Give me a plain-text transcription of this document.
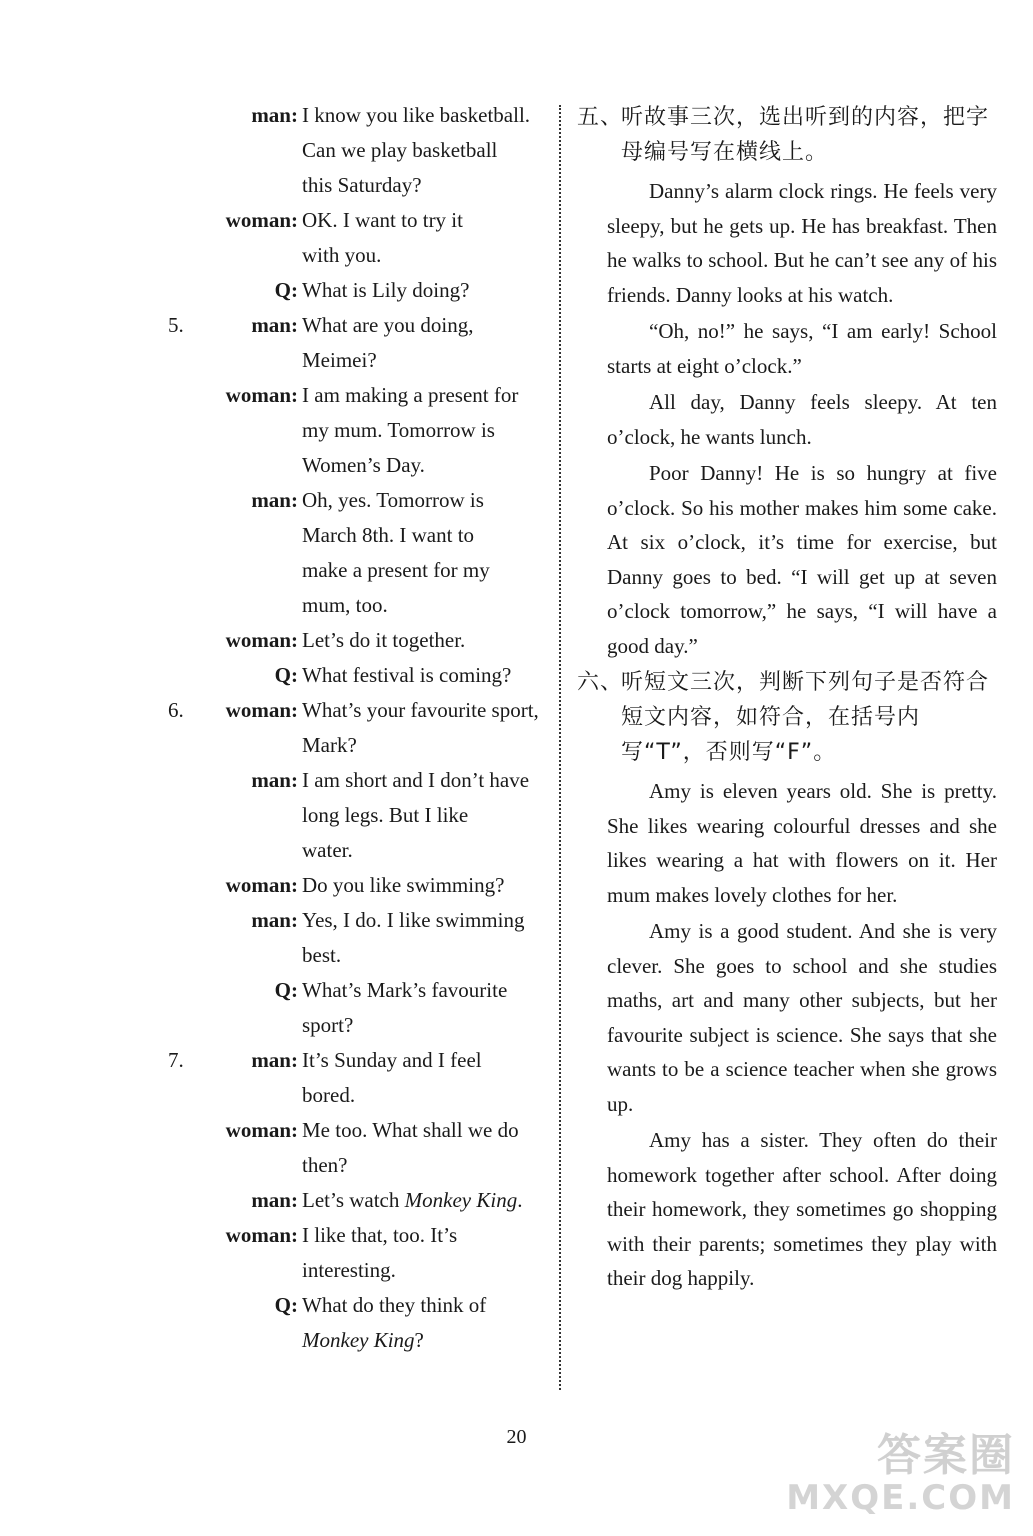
man : I know you like basketball.
Can we play basketball
this Saturday?
woman : OK. I want to try it
with you.
Q : What is Lily doing?
5.	man : What are you doing,
Meimei?
woman : I am making a present for
my mum. Tomorrow is
Women’s Day.
man : Oh, yes. Tomorrow is
March 8th. I want to
make a present for my
mum, too.
woman : Let’s do it together.
Q : What festival is coming?
6. woman : What’s your favourite sport,
Mark?
man : I am short and I don’t have
long legs. But I like
water.
woman : Do you like swimming?
man : Yes, I do. I like swimming
best.
Q : What’s Mark’s favourite
sport?
7.	man : It’s Sunday and I feel
bored.
woman : Me too. What shall we do
then?
man : Let’s watch Monkey King.
woman : I like that, too. It’s
interesting.
Q : What do they think of
Monkey King?
五、
听故事三次，选出听到的内容，把字母编号写在横线上。

Danny’s alarm clock rings. He feels very sleepy, but he gets up. He has breakfast. Then he walks to school. But he can’t see any of his friends. Danny looks at his watch.

“Oh, no!” he says, “I am early! School starts at eight o’clock.”

All day, Danny feels sleepy. At ten o’clock, he wants lunch.

Poor Danny! He is so hungry at five o’clock. So his mother makes him some cake. At six o’clock, it’s time for exercise, but Danny goes to bed. “I will get up at seven o’clock tomorrow,” he says, “I will have a good day.”

六、
听短文三次，判断下列句子是否符合短文内容，如符合，在括号内写“T”，否则写“F”。

Amy is eleven years old. She is pretty. She likes wearing colourful dresses and she likes wearing a hat with flowers on it. Her mum makes lovely clothes for her.

Amy is a good student. And she is very clever. She goes to school and she studies maths, art and many other subjects, but her favourite subject is science. She says that she wants to be a science teacher when she grows up.

Amy has a sister. They often do their homework together after school. After doing their homework, they sometimes go shopping with their parents; sometimes they play with their dog happily.

20	答案圈
MXQE.COM
